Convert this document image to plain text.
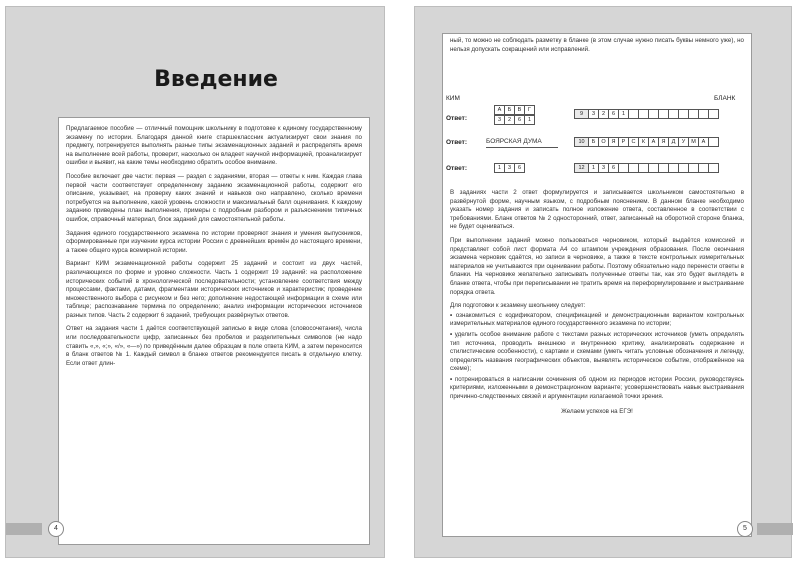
Введение

Предлагаемое пособие — отличный помощник школьнику в подготовке к единому государственному экзамену по истории. Благодаря данной книге старшеклассник актуализирует свои знания по предмету, потренируется выполнять разные типы экзаменационных заданий и распределять время на выполнение всей работы, проверит, насколько он владеет научной информацией, проанализирует ошибки и выявит, на какие темы необходимо обратить особое внимание.

Пособие включает две части: первая — раздел с заданиями, вторая — ответы к ним. Каждая глава первой части соответствует определенному заданию экзаменационной работы, содержит его описание, указывает, на проверку каких знаний и навыков оно направлено, сколько времени потребуется на выполнение, какой уровень сложности и максимальный балл оценивания. К каждому заданию приведены план выполнения, примеры с подробным разбором и разъяснением типичных ошибок, справочный материал, блок заданий для самостоятельной работы.

Задания единого государственного экзамена по истории проверяют знания и умения выпускников, сформированные при изучении курса истории России с древнейших времён до настоящего времени, а также общего курса всемирной истории.

Вариант КИМ экзаменационной работы содержит 25 заданий и состоит из двух частей, различающихся по форме и уровню сложности. Часть 1 содержит 19 заданий: на расположение исторических событий в хронологической последовательности; установление соответствия между процессами, фактами, датами, фрагментами исторических источников и характеристик; проведение множественного выбора с рисунком и без него; дополнение недостающей информации в схеме или таблице; распознавание термина по определению; анализ информации исторических источников разных типов. Часть 2 содержит 6 заданий, требующих развёрнутых ответов.

Ответ на задания части 1 даётся соответствующей записью в виде слова (словосочетания), числа или последовательности цифр, записанных без пробелов и разделительных символов (не надо ставить «,», «;», «/», «—») по приведённым далее образцам в поле ответа КИМ, а затем переносится в бланк ответов № 1. Каждый символ в бланке ответов рекомендуется писать в отдельную клетку. Если ответ длин-

4
ный, то можно не соблюдать разметку в бланке (в этом случае нужно писать буквы немного уже), но нельзя допускать сокращений или исправлений.
КИМ	БЛАНК
Ответ:
А	Б	В	Г
3	2	6	1
9	3	2	6	1
Ответ:	БОЯРСКАЯ ДУМА	10	Б	О	Я	Р	С	К	А	Я	Д	У	М	А
Ответ:	1	3	6	12	1	3	6

В заданиях части 2 ответ формулируется и записывается школьником самостоятельно в развёрнутой форме, научным языком, с подробным пояснением. В данном бланке необходимо указать номер задания и записать полное изложение ответа, составленное в соответствии с требованиями. Бланк ответов № 2 односторонний, ответ, записанный на оборотной стороне бланка, не будет оцениваться.

При выполнении заданий можно пользоваться черновиком, который выдаётся комиссией и представляет собой лист формата А4 со штампом учреждения образования. После окончания экзамена черновик сдаётся, но записи в черновике, а также в тексте контрольных измерительных материалов не учитываются при оценивании работы. Поэтому обязательно надо перенести ответы в бланки. На черновике желательно записывать полученные ответы так, как это будет выглядеть в бланке ответа, чтобы при переписывании не тратить время на переформулирование и выстраивание порядка ответа.

Для подготовки к экзамену школьнику следует:

• ознакомиться с кодификатором, спецификацией и демонстрационным вариантом контрольных измерительных материалов единого государственного экзамена по истории;

• уделить особое внимание работе с текстами разных исторических источников (уметь определять тип источника, проводить внешнюю и внутреннюю критику, анализировать содержание и стилистические особенности), с картами и схемами (уметь читать условные обозначения и легенду, определять названия географических объектов, выявлять историческое событие, отображённое на схеме);

• потренироваться в написании сочинения об одном из периодов истории России, руководствуясь критериями, изложенными в демонстрационном варианте; усовершенствовать навык выстраивания причинно-следственных связей и аргументации излагаемой точки зрения.

Желаем успехов на ЕГЭ!

5
